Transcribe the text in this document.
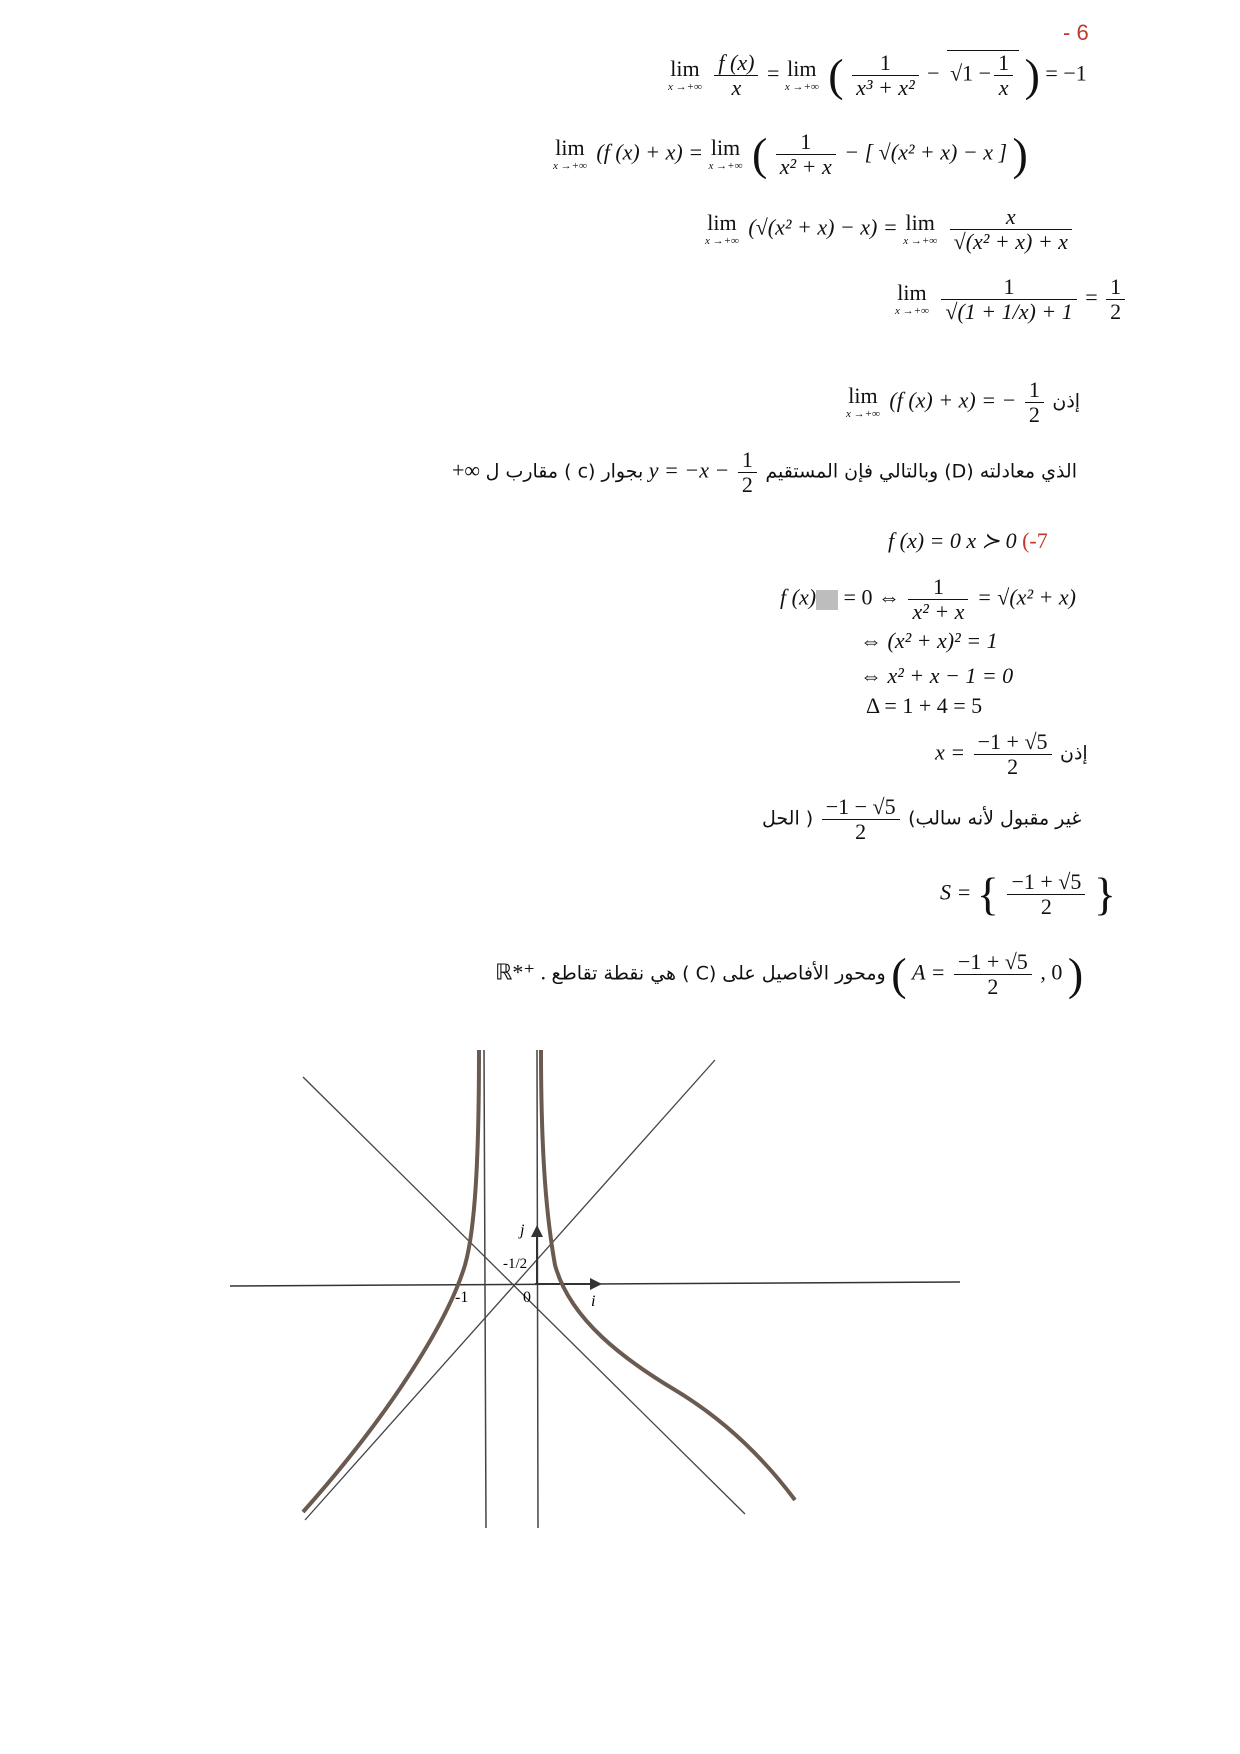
- 6
lim
x →+∞
$\frac{f (x)}{x} = \lim$
x →+∞ ( $\frac{1}{\text{x³ + x²}} - √1 - \frac{1}{x}$ ) = −1
lim
x →+∞
(f (x) + x) = lim
x →+∞ ( $\frac{1}{\text{x² + x}}$ − [ √(x² + x) − x ] )
lim
x →+∞
(√(x² + x) − x) = lim
x →+∞
$\frac{x}{\text{√(x² + x) + x}}$
lim
x →+∞
$\frac{1}{√(1 + 1/x) + 1} = \frac{1}{2}$
lim
x →+∞
(f (x) + x) = − $\frac{1}{2}$ إذن
+∞ مقارب ل ( c) بجوار $y = -x - \frac{1}{2}$ وبالتالي فإن المستقيم (D) الذي معادلته
f (x) = 0 x ≻ 0 (-7
f (x) = 0 ⇔ $\frac{1}{\text{x² + x}} = √(x^2 + x)$
⇔ (x² + x)² = 1
⇔ x² + x − 1 = 0
Δ = 1 + 4 = 5
$x = \frac{-1 + √5}{2}$ إذن
غير مقبول لأنه سالب)
$\frac{-1 - √5}{2}$
( الحل
S = { $\frac{-1 + √5}{2}$ }
ℝ*⁺ . هي نقطة تقاطع ( C) ومحور الأفاصيل على ( $A = \frac{-1 + √5}{2}$ , 0 )
-1	0
-1/2
i
j
